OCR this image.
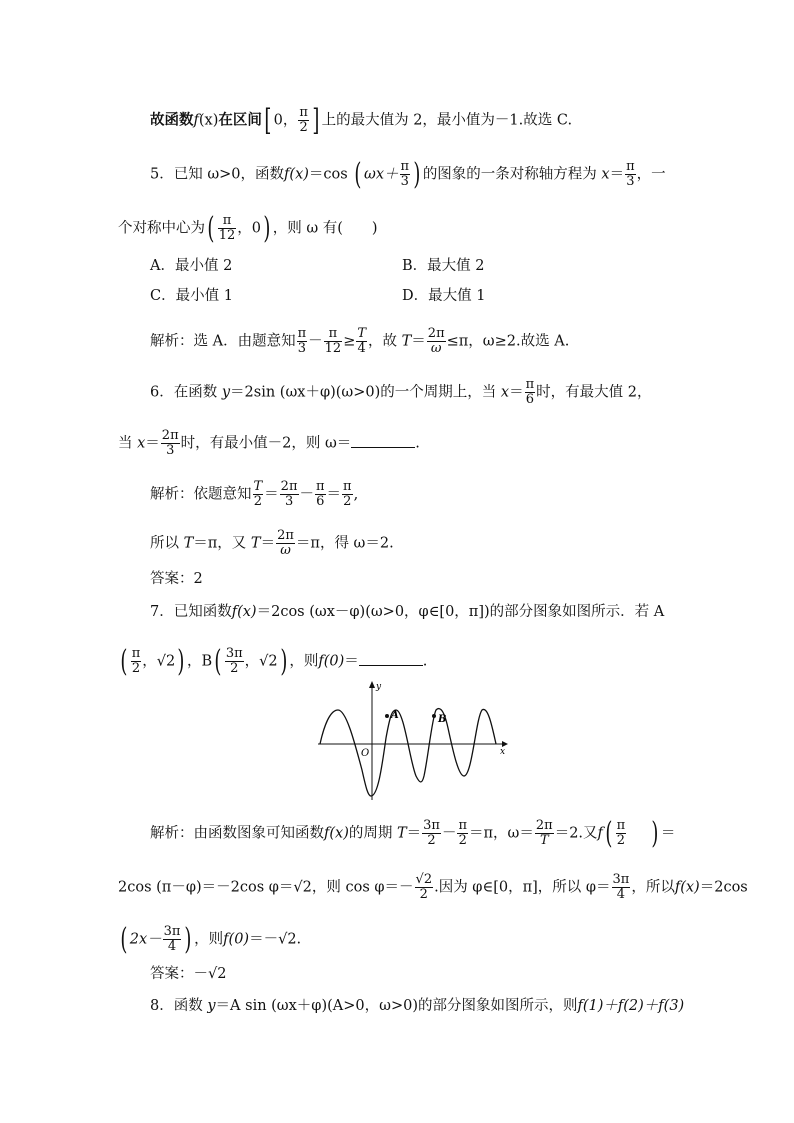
故函数f(x)在区间[ 0， $\frac{\pi}{2}$ ] 上的最大值为 2，最小值为－1.故选 C.
5．已知 ω>0，函数f(x)＝cos ( $\omega x+ \frac{\pi}{3}$ ) 的图象的一条对称轴方程为 $x= \frac{\pi}{3}$ ，一
个对称中心为( $\frac{\pi}{12}$ ，0) ，则 ω 有(　　)
A．最小值 2	B．最大值 2
C．最小值 1	D．最大值 1
解析：选 A．由题意知 $\frac{\pi}{3} - \frac{\pi}{12} \ge \frac{T}{4}$ ，故 $T= \frac{2\pi}{\omega} \le\pi$，ω≥2.故选 A.
6．在函数 y＝2sin (ωx＋φ)(ω>0)的一个周期上，当 $x= \frac{\pi}{6}$ 时，有最大值 2，
当 $x= \frac{2\pi}{3}$ 时，有最小值－2，则 ω＝	.
解析：依题意知 $\frac{T}{2} = \frac{2\pi}{3} - \frac{\pi}{6} = \frac{\pi}{2}$ ,
所以 T＝π，又 $T= \frac{2\pi}{\omega} =\pi$，得 ω＝2.
答案：2
7．已知函数f(x)＝2cos (ωx－φ)(ω>0，φ∈[0，π])的部分图象如图所示．若 A
( $\frac{\pi}{2}$ ，√2) ，$B( \frac{3\pi}{2}$ ，√2) ，则f(0)＝	.
y
x
O
A	B
解析：由函数图象可知函数f(x)的周期 $T= \frac{3\pi}{2} - \frac{\pi}{2} =\pi$，$\omega= \frac{2\pi}{T} =2$.又$f( \frac{\pi}{2}$ ) ＝
2cos (π－φ)＝－2cos φ＝√2，则 $\cos \varphi=- \frac{√2}{2}$ .因为 φ∈[0，π]，所以 $\varphi= \frac{3\pi}{4}$ ，所以f(x)＝2cos
( $2x- \frac{3\pi}{4}$ ) ，则f(0)＝－√2.
答案：－√2
8．函数 y＝A sin (ωx＋φ)(A>0，ω>0)的部分图象如图所示，则f(1)＋f(2)＋f(3)
